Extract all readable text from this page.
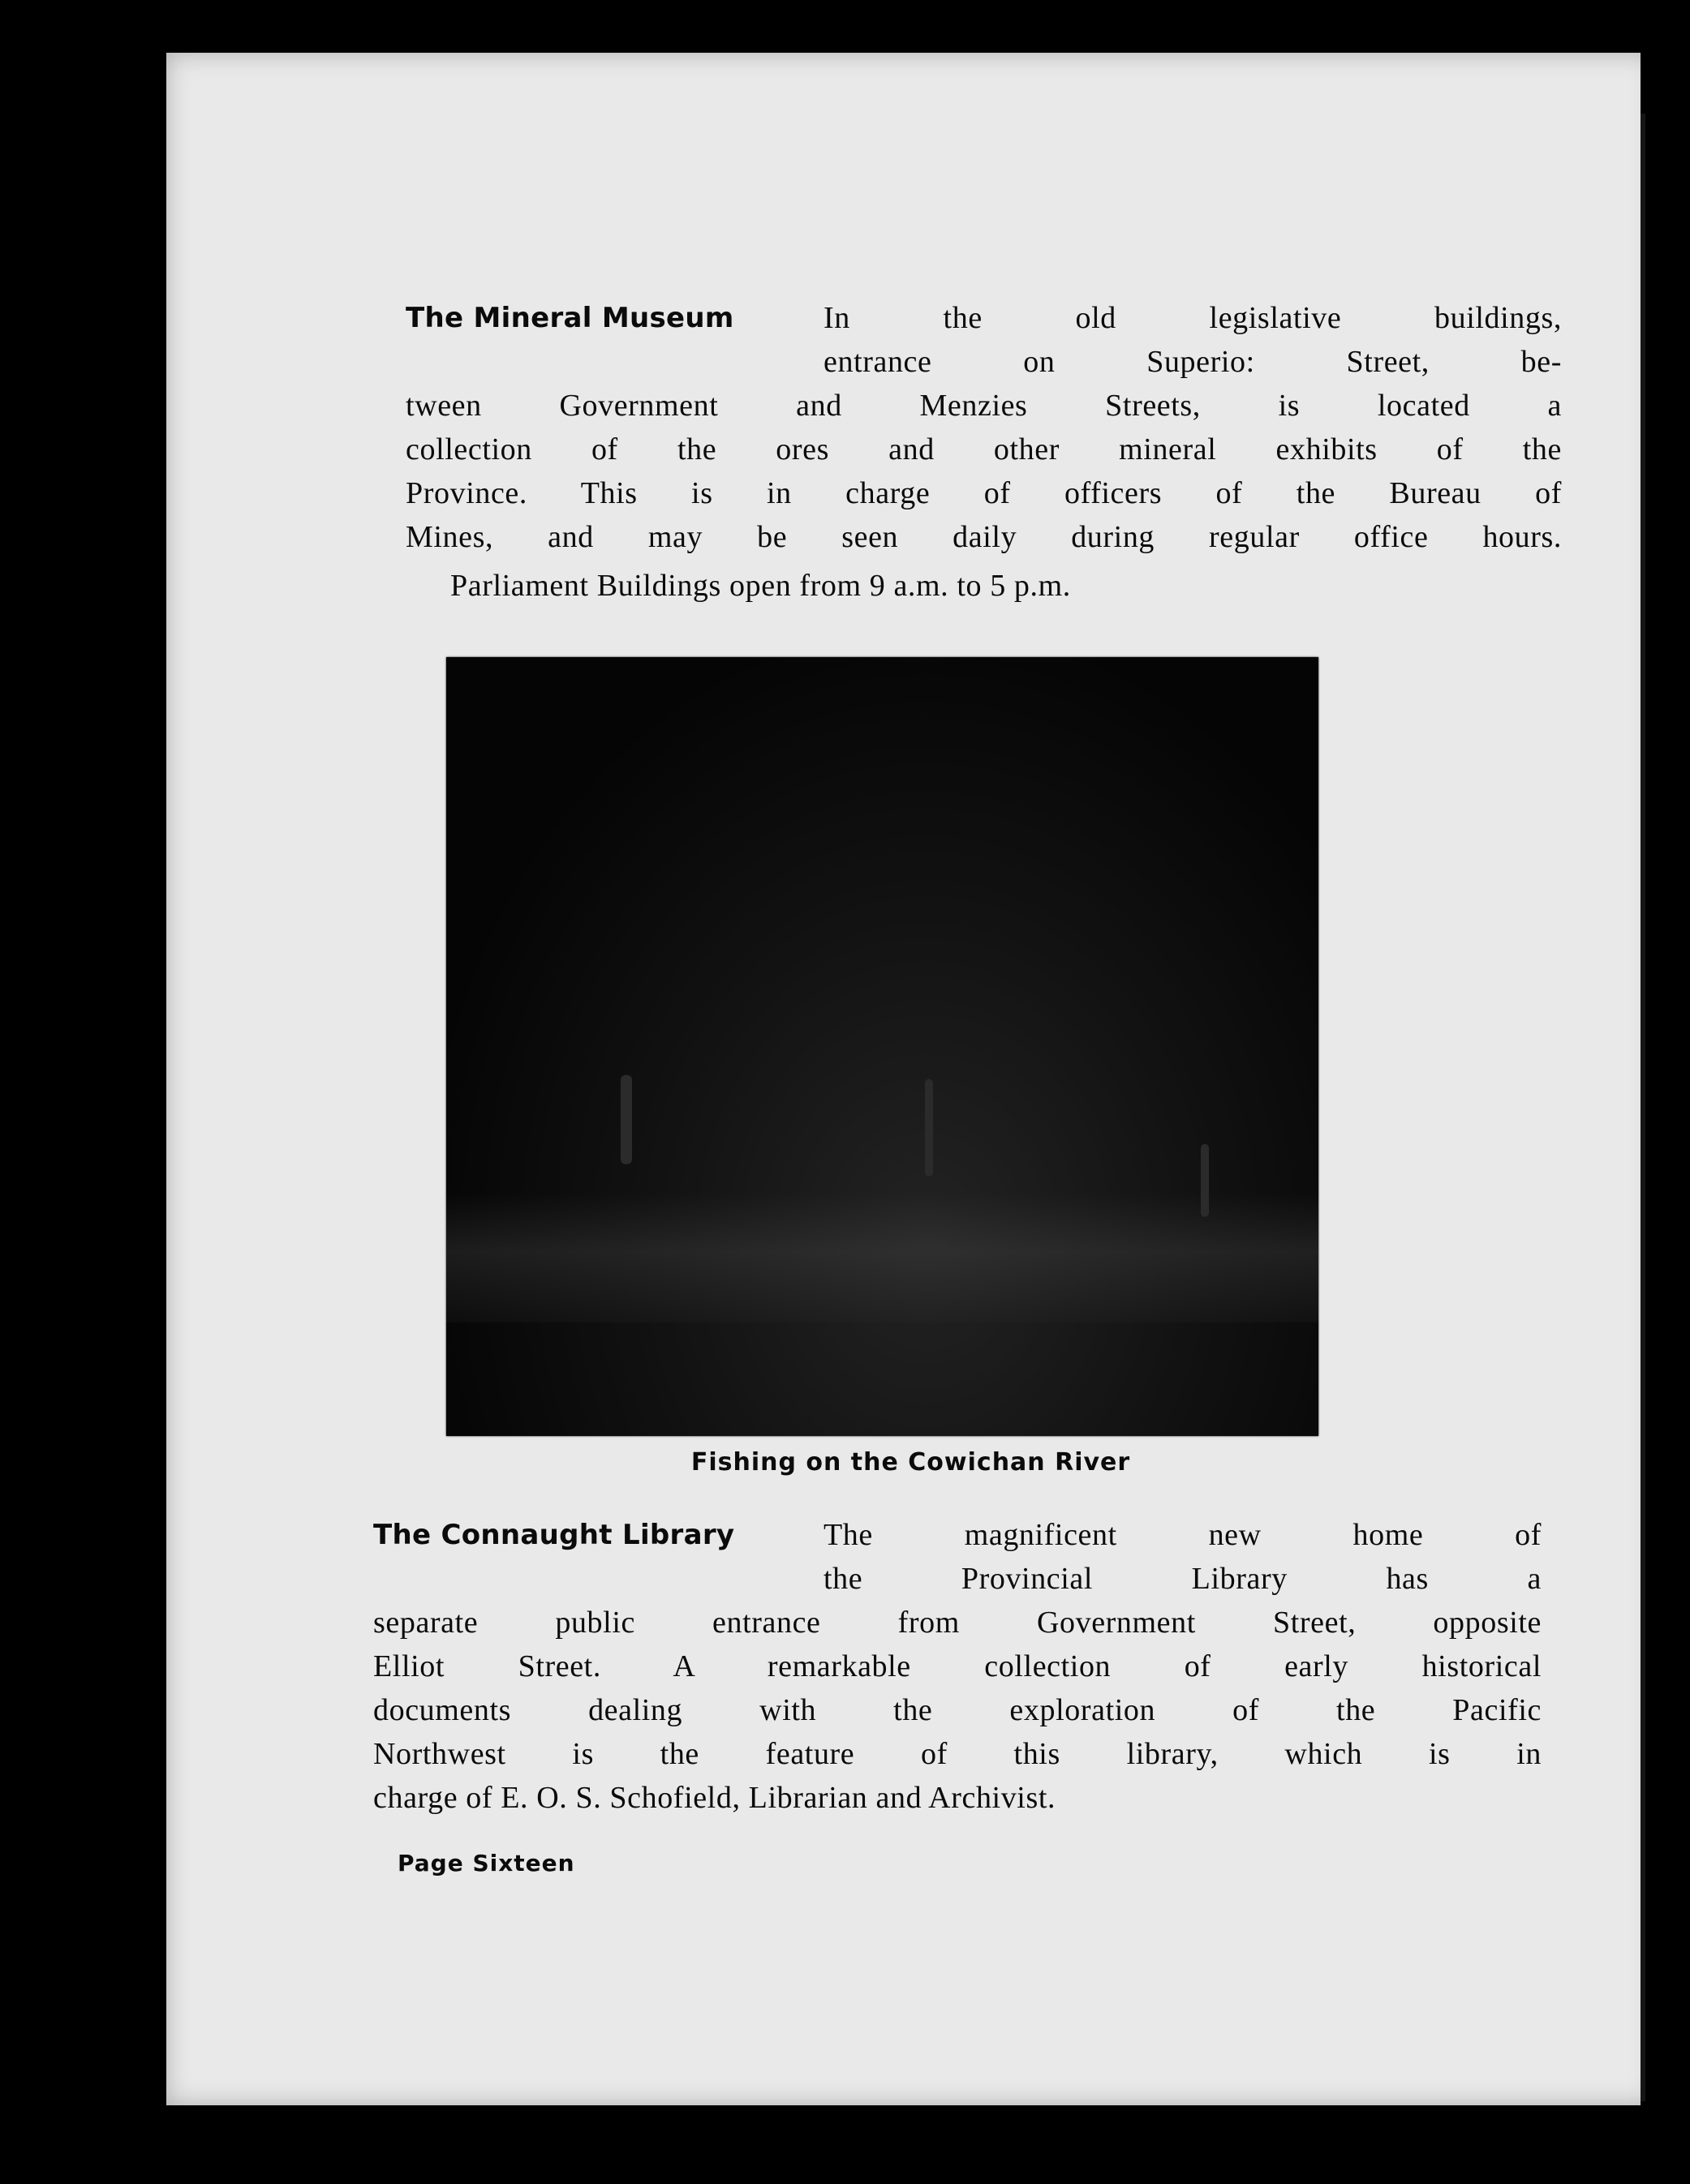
The Mineral Museum	In the old legislative buildings,
entrance on Superio: Street, be-
tween Government and Menzies Streets, is located a
collection of the ores and other mineral exhibits of the
Province. This is in charge of officers of the Bureau of
Mines, and may be seen daily during regular office hours.
Parliament Buildings open from 9 a.m. to 5 p.m.
Fishing on the Cowichan River
The Connaught Library	The magnificent new home of
the Provincial Library has a
separate public entrance from Government Street, opposite
Elliot Street. A remarkable collection of early historical
documents dealing with the exploration of the Pacific
Northwest is the feature of this library, which is in
charge of E. O. S. Schofield, Librarian and Archivist.
Page Sixteen
